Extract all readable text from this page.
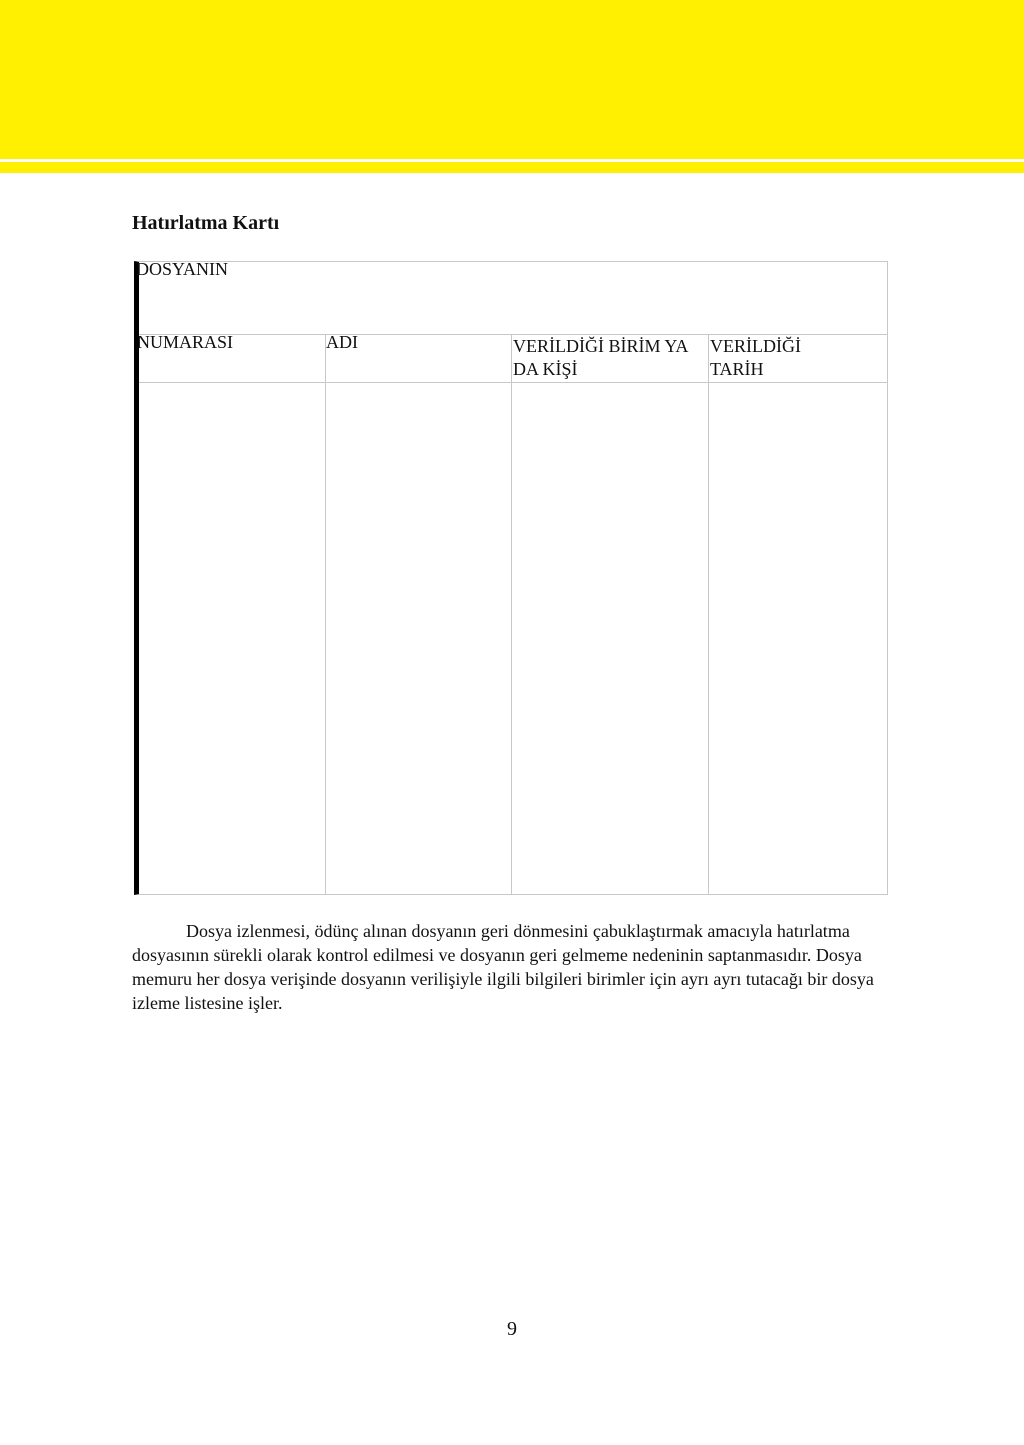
Hatırlatma Kartı
DOSYANIN
NUMARASI	ADI	VERİLDİĞİ BİRİM YA DA KİŞİ
VERİLDİĞİ TARİH

Dosya izlenmesi, ödünç alınan dosyanın geri dönmesini çabuklaştırmak amacıyla hatırlatma dosyasının sürekli olarak kontrol edilmesi ve dosyanın geri gelmeme nedeninin saptanmasıdır. Dosya memuru her dosya verişinde dosyanın verilişiyle ilgili bilgileri birimler için ayrı ayrı tutacağı bir dosya izleme listesine işler.

9
